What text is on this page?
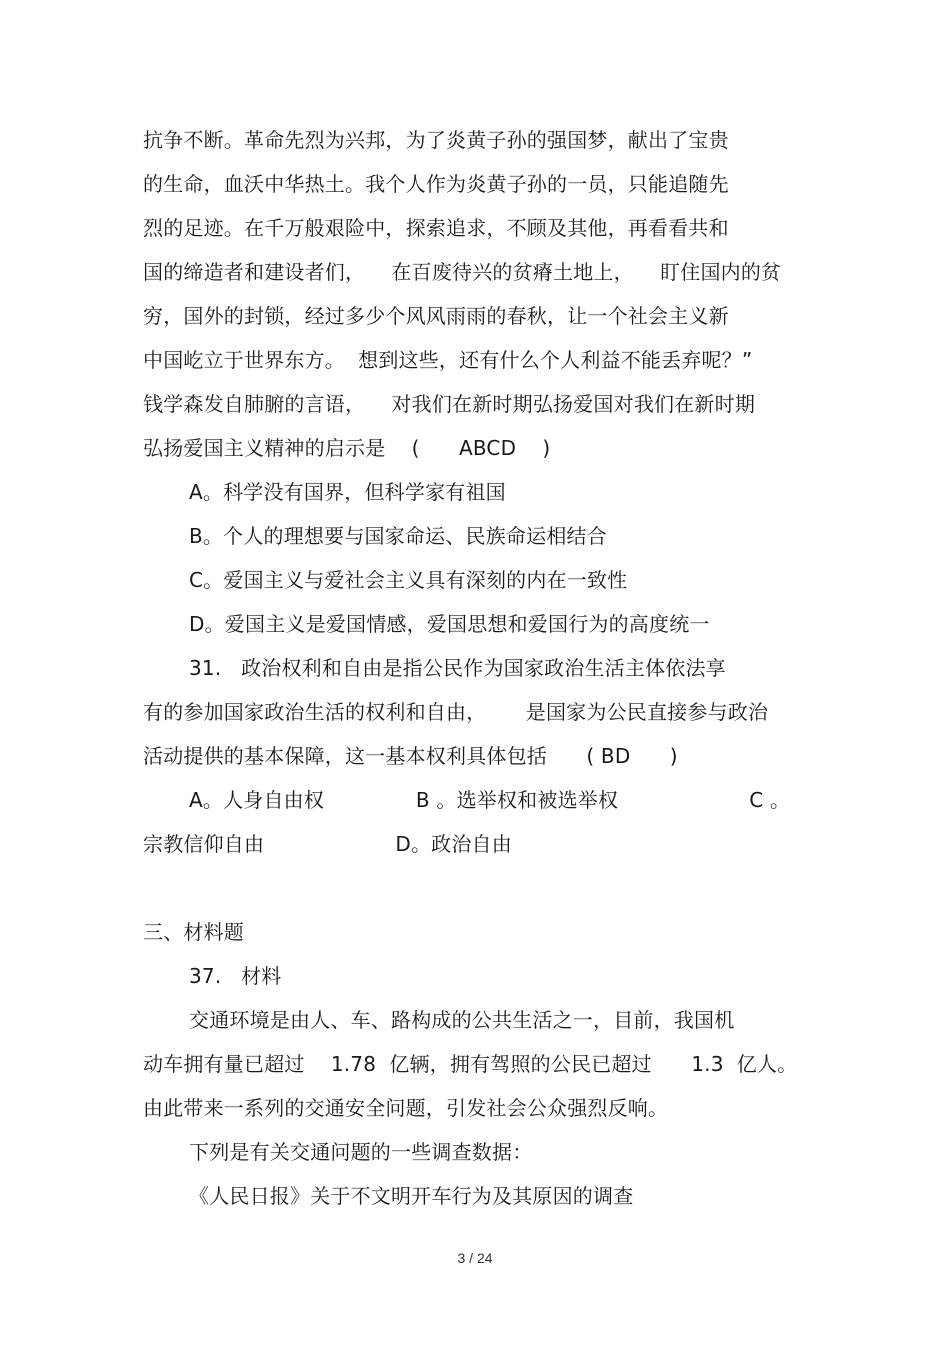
抗争不断。革命先烈为兴邦，为了炎黄子孙的强国梦，献出了宝贵
的生命，血沃中华热土。我个人作为炎黄子孙的一员，只能追随先
烈的足迹。在千万般艰险中，探索追求，不顾及其他，再看看共和
国的缔造者和建设者们，    在百废待兴的贫瘠土地上，    盯住国内的贫
穷，国外的封锁，经过多少个风风雨雨的春秋，让一个社会主义新
中国屹立于世界东方。  想到这些，还有什么个人利益不能丢弃呢？”
钱学森发自肺腑的言语，    对我们在新时期弘扬爱国对我们在新时期
弘扬爱国主义精神的启示是    (      ABCD    )
A。科学没有国界，但科学家有祖国
B。个人的理想要与国家命运、民族命运相结合
C。爱国主义与爱社会主义具有深刻的内在一致性
D。爱国主义是爱国情感，爱国思想和爱国行为的高度统一
31.   政治权利和自由是指公民作为国家政治生活主体依法享
有的参加国家政治生活的权利和自由，      是国家为公民直接参与政治
活动提供的基本保障，这一基本权利具体包括      ( BD      )
A。人身自由权              B 。选举权和被选举权                    C 。
宗教信仰自由                    D。政治自由
三、材料题
37.   材料
交通环境是由人、车、路构成的公共生活之一，目前，我国机
动车拥有量已超过    1.78  亿辆，拥有驾照的公民已超过      1.3  亿人。
由此带来一系列的交通安全问题，引发社会公众强烈反响。
下列是有关交通问题的一些调查数据：
《人民日报》关于不文明开车行为及其原因的调查
3 / 24
